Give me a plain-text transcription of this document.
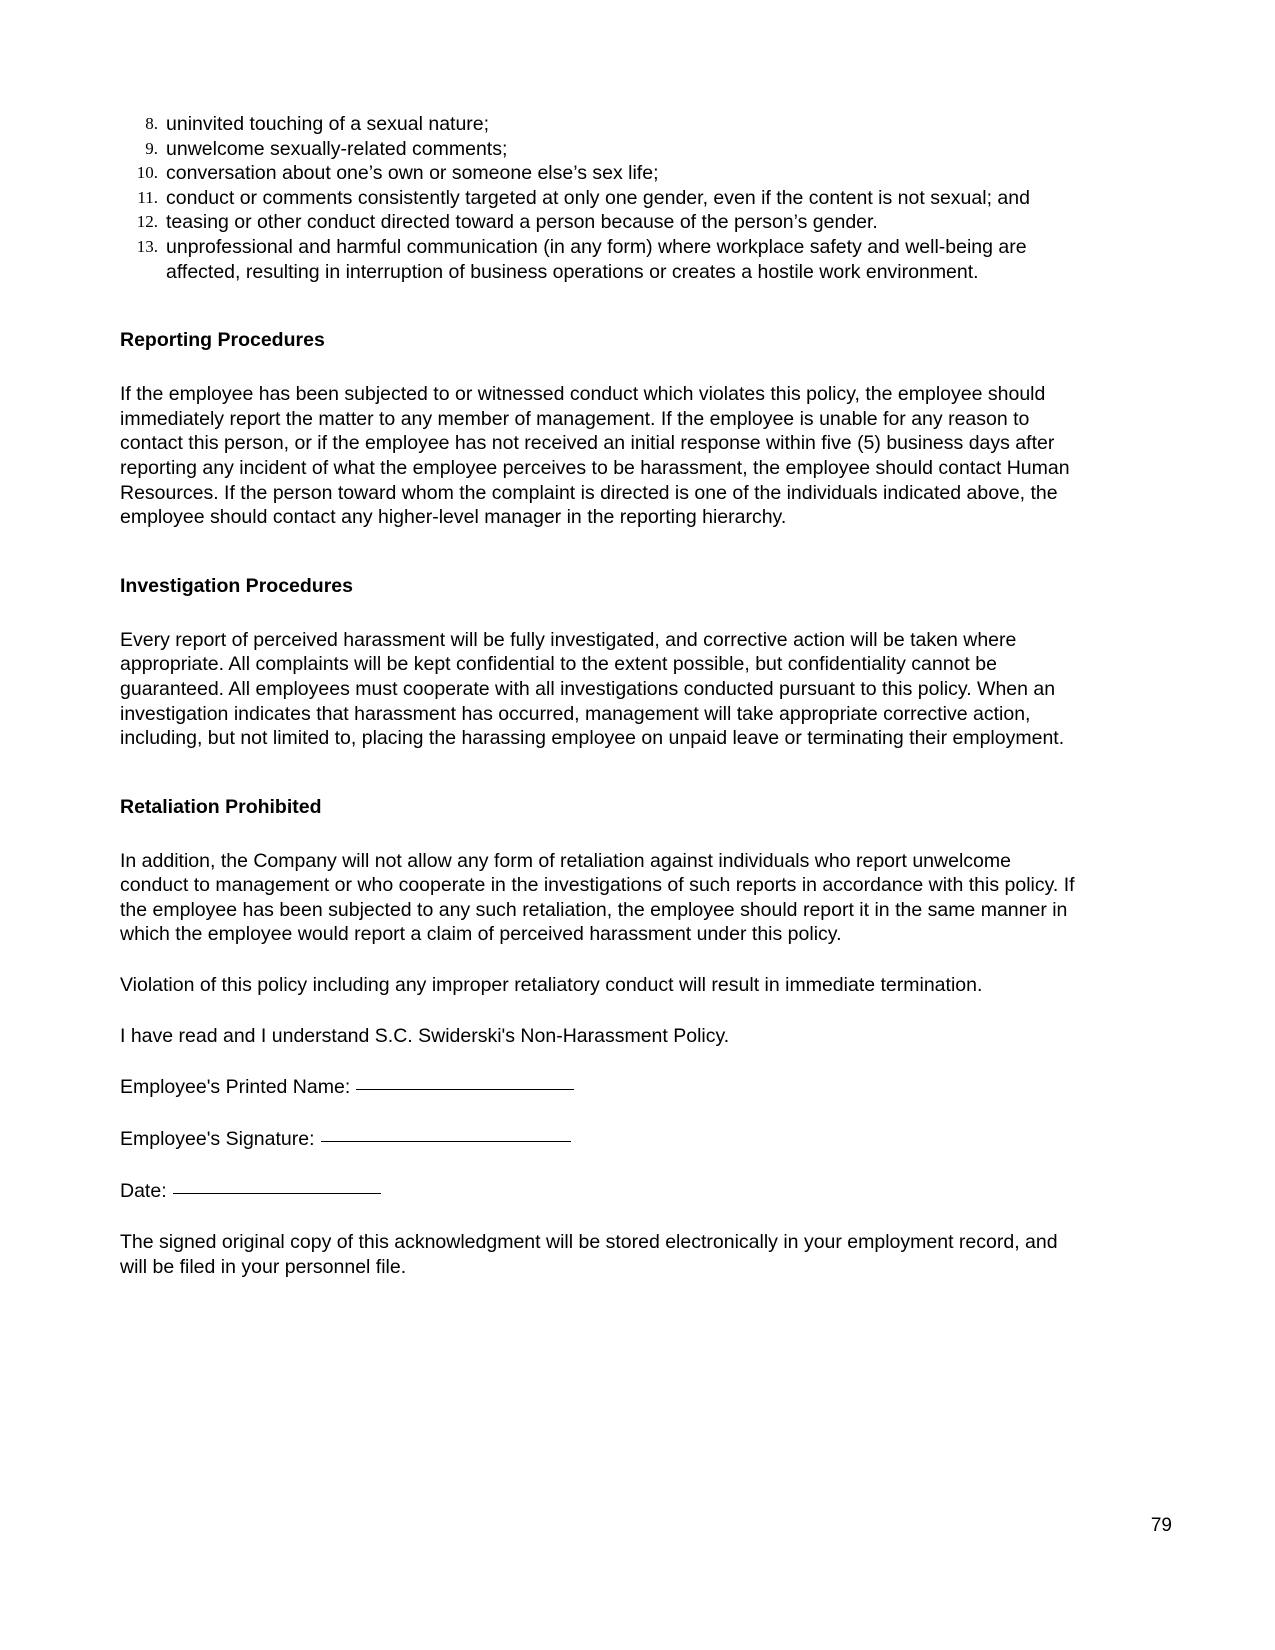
8. uninvited touching of a sexual nature;
9. unwelcome sexually-related comments;
10. conversation about one’s own or someone else’s sex life;
11. conduct or comments consistently targeted at only one gender, even if the content is not sexual; and
12. teasing or other conduct directed toward a person because of the person’s gender.
13. unprofessional and harmful communication (in any form) where workplace safety and well-being are affected, resulting in interruption of business operations or creates a hostile work environment.
Reporting Procedures

If the employee has been subjected to or witnessed conduct which violates this policy, the employee should immediately report the matter to any member of management. If the employee is unable for any reason to contact this person, or if the employee has not received an initial response within five (5) business days after reporting any incident of what the employee perceives to be harassment, the employee should contact Human Resources. If the person toward whom the complaint is directed is one of the individuals indicated above, the employee should contact any higher-level manager in the reporting hierarchy.

Investigation Procedures

Every report of perceived harassment will be fully investigated, and corrective action will be taken where appropriate. All complaints will be kept confidential to the extent possible, but confidentiality cannot be guaranteed. All employees must cooperate with all investigations conducted pursuant to this policy. When an investigation indicates that harassment has occurred, management will take appropriate corrective action, including, but not limited to, placing the harassing employee on unpaid leave or terminating their employment.

Retaliation Prohibited

In addition, the Company will not allow any form of retaliation against individuals who report unwelcome conduct to management or who cooperate in the investigations of such reports in accordance with this policy. If the employee has been subjected to any such retaliation, the employee should report it in the same manner in which the employee would report a claim of perceived harassment under this policy.

Violation of this policy including any improper retaliatory conduct will result in immediate termination.

I have read and I understand S.C. Swiderski's Non-Harassment Policy.

Employee's Printed Name:
Employee's Signature:
Date:

The signed original copy of this acknowledgment will be stored electronically in your employment record, and will be filed in your personnel file.

79
